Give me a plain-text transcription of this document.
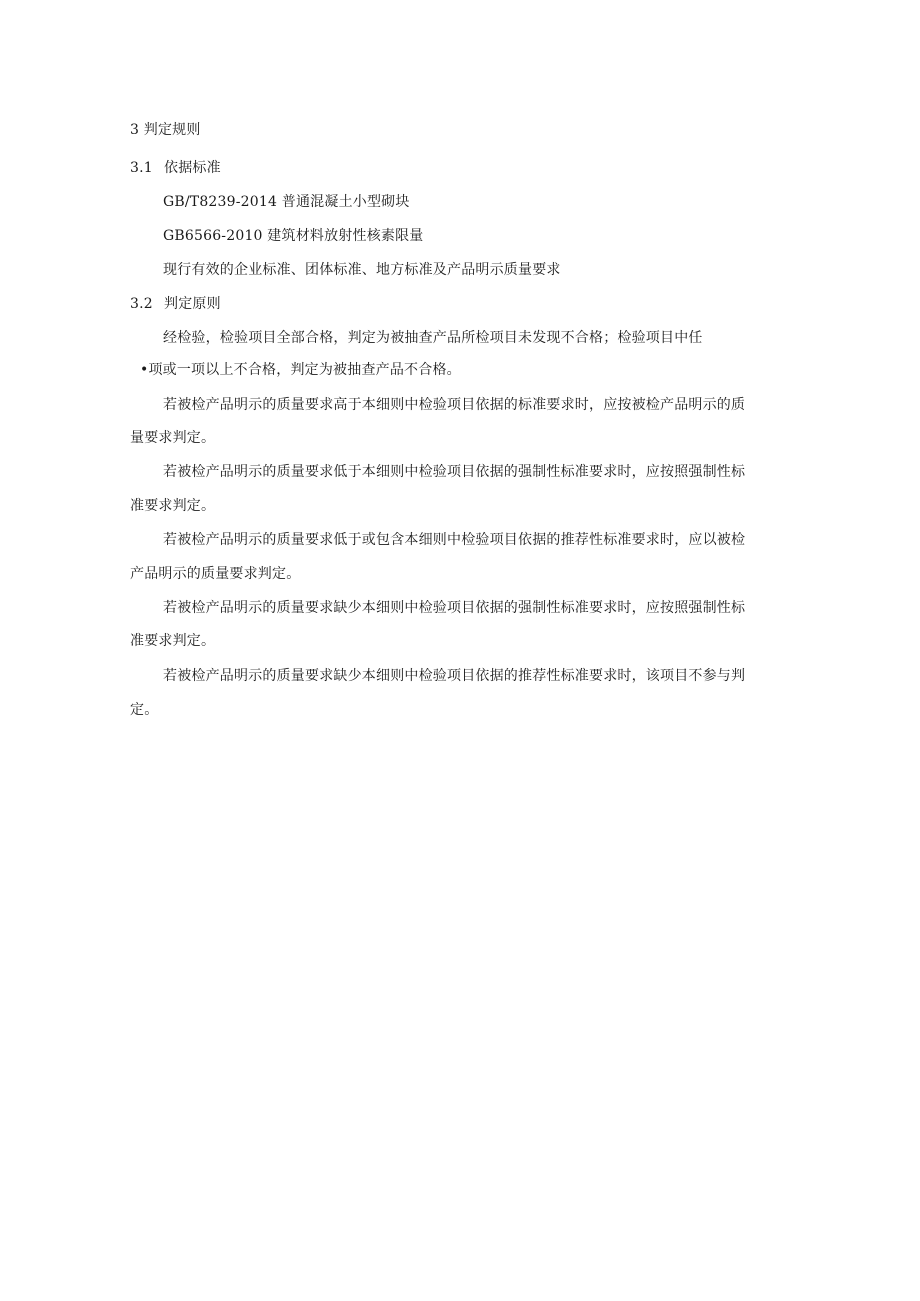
3 判定规则
3.1 依据标准
GB/T8239-2014 普通混凝土小型砌块
GB6566-2010 建筑材料放射性核素限量
现行有效的企业标准、团体标准、地方标准及产品明示质量要求
3.2 判定原则
经检验，检验项目全部合格，判定为被抽查产品所检项目未发现不合格；检验项目中任
•项或一项以上不合格，判定为被抽查产品不合格。
若被检产品明示的质量要求高于本细则中检验项目依据的标准要求时，应按被检产品明示的质
量要求判定。
若被检产品明示的质量要求低于本细则中检验项目依据的强制性标准要求时，应按照强制性标
准要求判定。
若被检产品明示的质量要求低于或包含本细则中检验项目依据的推荐性标准要求时，应以被检
产品明示的质量要求判定。
若被检产品明示的质量要求缺少本细则中检验项目依据的强制性标准要求时，应按照强制性标
准要求判定。
若被检产品明示的质量要求缺少本细则中检验项目依据的推荐性标准要求时，该项目不参与判
定。
